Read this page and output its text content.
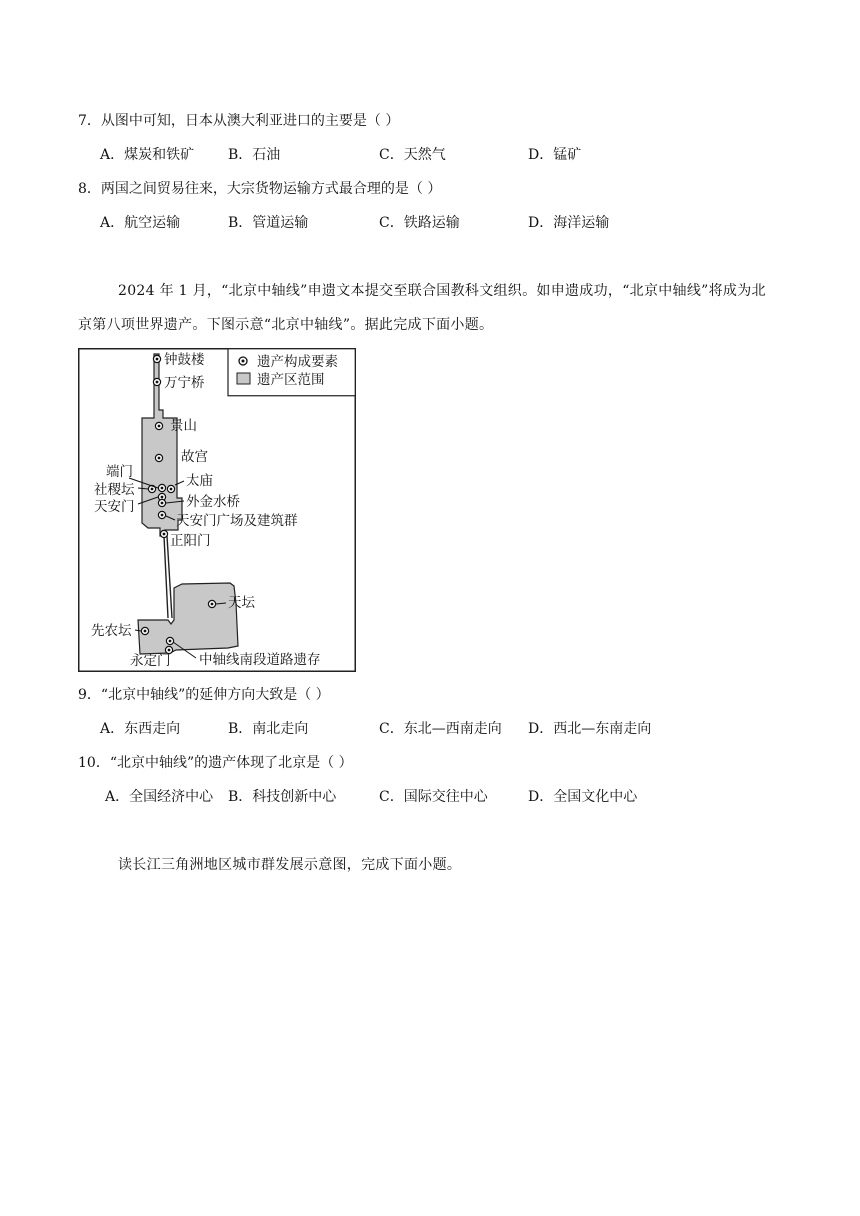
7．从图中可知，日本从澳大利亚进口的主要是（ ）
A．煤炭和铁矿 B．石油	C．天然气	D．锰矿
8．两国之间贸易往来，大宗货物运输方式最合理的是（ ）
A．航空运输	B．管道运输	C．铁路运输	D．海洋运输
2024 年 1 月，“北京中轴线”申遗文本提交至联合国教科文组织。如申遗成功，“北京中轴线”将成为北
京第八项世界遗产。下图示意“北京中轴线”。据此完成下面小题。
遗产构成要素
遗产区范围
钟鼓楼
万宁桥
景山
故宫
端门
社稷坛
太庙
天安门	外金水桥
天安门广场及建筑群
正阳门
天坛
先农坛
永定门 中轴线南段道路遗存
9．“北京中轴线”的延伸方向大致是（ ）
A．东西走向	B．南北走向	C．东北—西南走向 D．西北—东南走向
10．“北京中轴线”的遗产体现了北京是（ ）
A．全国经济中心 B．科技创新中心	C．国际交往中心	D．全国文化中心
读长江三角洲地区城市群发展示意图，完成下面小题。
